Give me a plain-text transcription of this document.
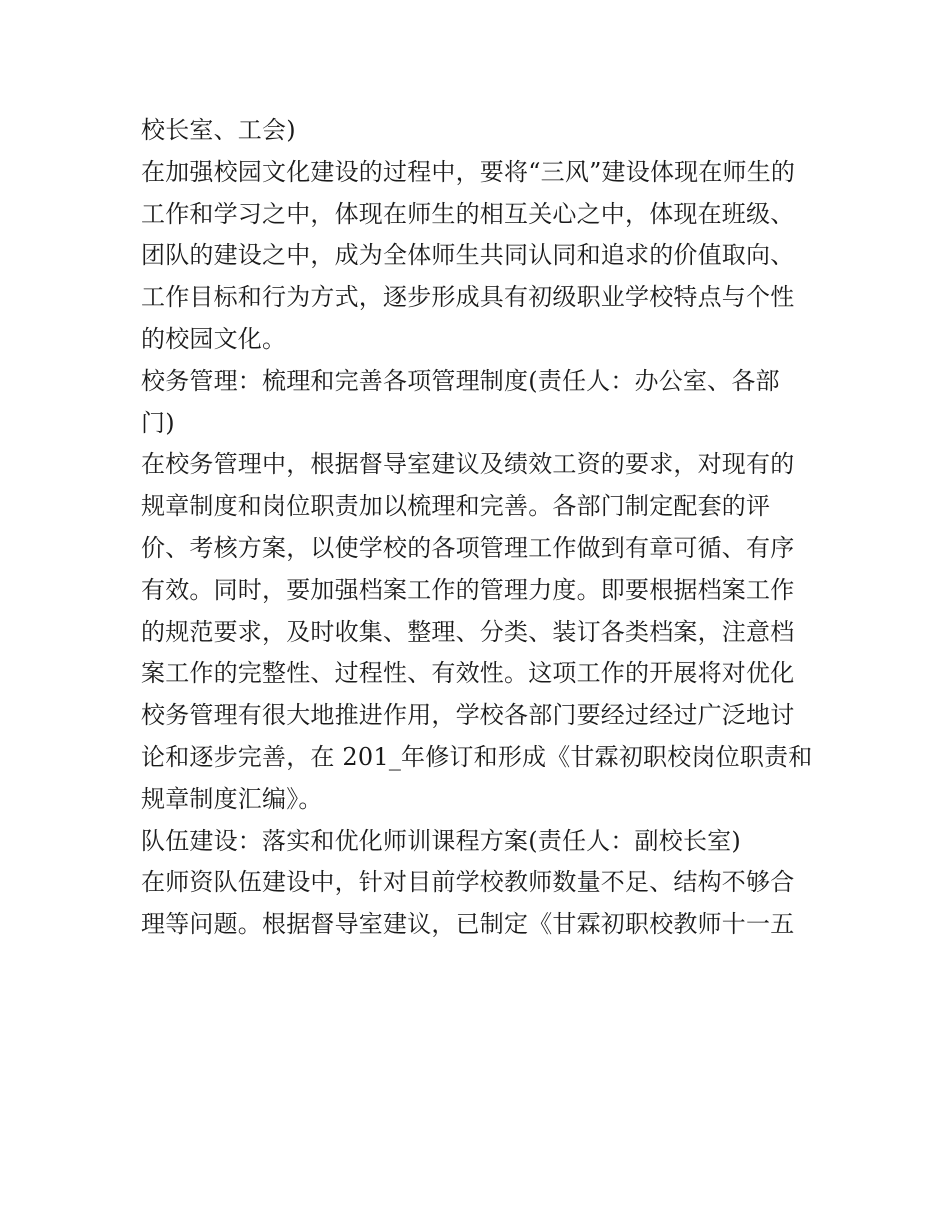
校长室、工会)
在加强校园文化建设的过程中，要将“三风”建设体现在师生的
工作和学习之中，体现在师生的相互关心之中，体现在班级、
团队的建设之中，成为全体师生共同认同和追求的价值取向、
工作目标和行为方式，逐步形成具有初级职业学校特点与个性
的校园文化。
校务管理：梳理和完善各项管理制度(责任人：办公室、各部
门)
在校务管理中，根据督导室建议及绩效工资的要求，对现有的
规章制度和岗位职责加以梳理和完善。各部门制定配套的评
价、考核方案，以使学校的各项管理工作做到有章可循、有序
有效。同时，要加强档案工作的管理力度。即要根据档案工作
的规范要求，及时收集、整理、分类、装订各类档案，注意档
案工作的完整性、过程性、有效性。这项工作的开展将对优化
校务管理有很大地推进作用，学校各部门要经过经过广泛地讨
论和逐步完善，在 201_年修订和形成《甘霖初职校岗位职责和
规章制度汇编》。
队伍建设：落实和优化师训课程方案(责任人：副校长室)
在师资队伍建设中，针对目前学校教师数量不足、结构不够合
理等问题。根据督导室建议，已制定《甘霖初职校教师十一五
